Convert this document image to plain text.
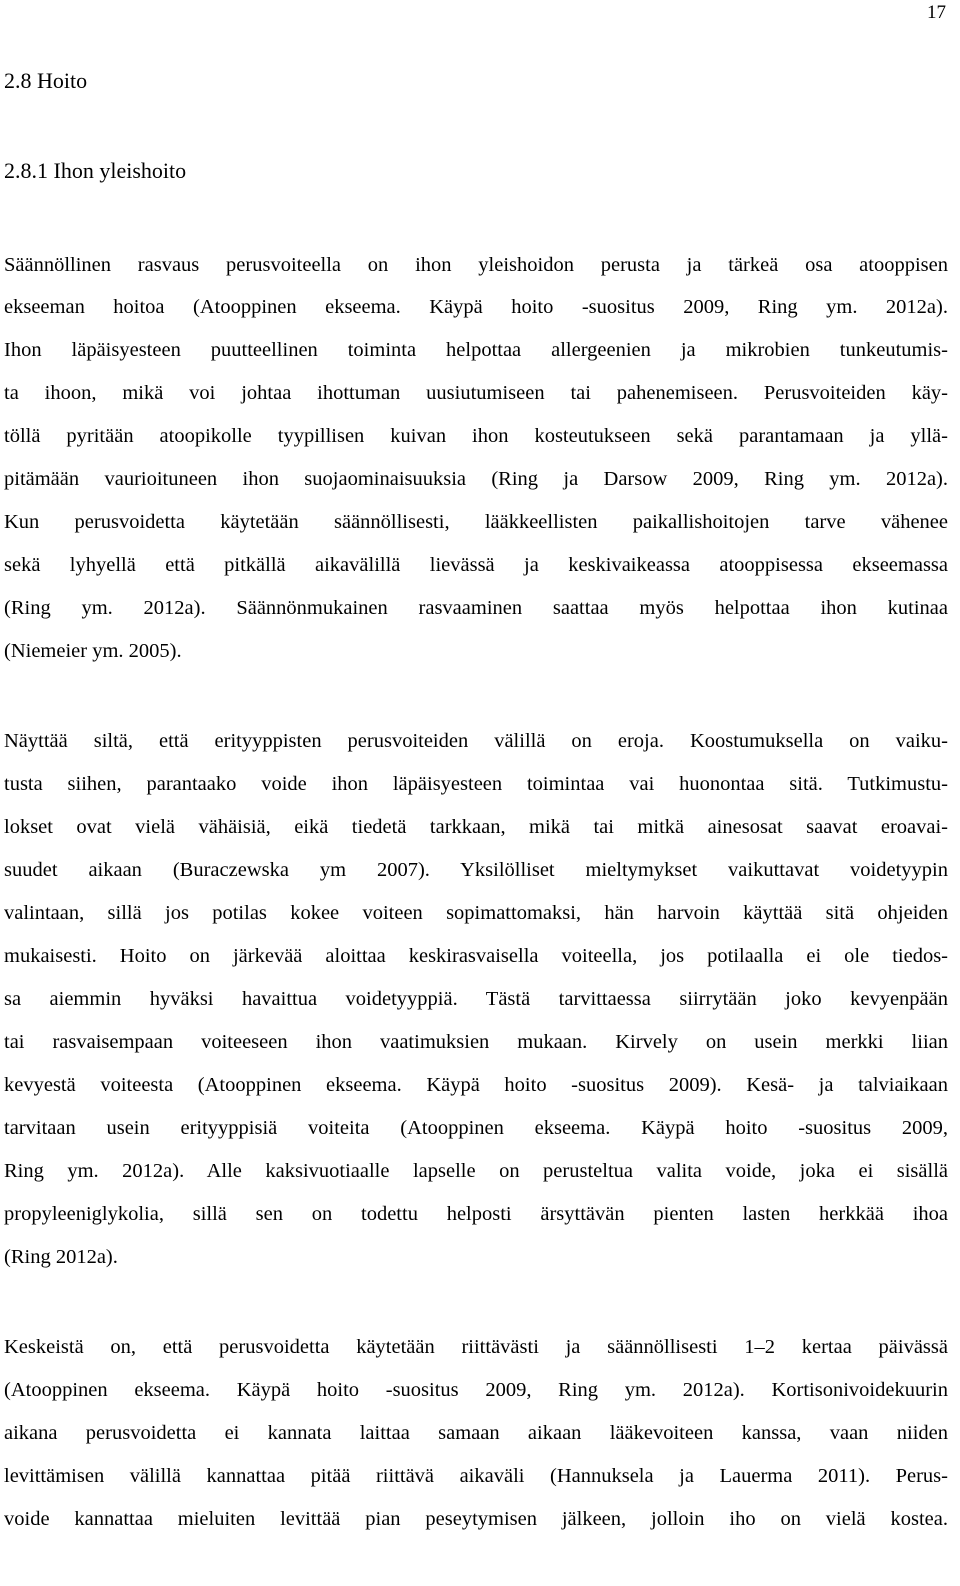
17
2.8 Hoito
2.8.1 Ihon yleishoito
Säännöllinen rasvaus perusvoiteella on ihon yleishoidon perusta ja tärkeä osa atooppisen
ekseeman hoitoa (Atooppinen ekseema. Käypä hoito -suositus 2009, Ring ym. 2012a).
Ihon läpäisyesteen puutteellinen toiminta helpottaa allergeenien ja mikrobien tunkeutumis-
ta ihoon, mikä voi johtaa ihottuman uusiutumiseen tai pahenemiseen. Perusvoiteiden käy-
töllä pyritään atoopikolle tyypillisen kuivan ihon kosteutukseen sekä parantamaan ja yllä-
pitämään vaurioituneen ihon suojaominaisuuksia (Ring ja Darsow 2009, Ring ym. 2012a).
Kun perusvoidetta käytetään säännöllisesti, lääkkeellisten paikallishoitojen tarve vähenee
sekä lyhyellä että pitkällä aikavälillä lievässä ja keskivaikeassa atooppisessa ekseemassa
(Ring ym. 2012a). Säännönmukainen rasvaaminen saattaa myös helpottaa ihon kutinaa
(Niemeier ym. 2005).
Näyttää siltä, että erityyppisten perusvoiteiden välillä on eroja. Koostumuksella on vaiku-
tusta siihen, parantaako voide ihon läpäisyesteen toimintaa vai huonontaa sitä. Tutkimustu-
lokset ovat vielä vähäisiä, eikä tiedetä tarkkaan, mikä tai mitkä ainesosat saavat eroavai-
suudet aikaan (Buraczewska ym 2007). Yksilölliset mieltymykset vaikuttavat voidetyypin
valintaan, sillä jos potilas kokee voiteen sopimattomaksi, hän harvoin käyttää sitä ohjeiden
mukaisesti. Hoito on järkevää aloittaa keskirasvaisella voiteella, jos potilaalla ei ole tiedos-
sa aiemmin hyväksi havaittua voidetyyppiä. Tästä tarvittaessa siirrytään joko kevyenpään
tai rasvaisempaan voiteeseen ihon vaatimuksien mukaan. Kirvely on usein merkki liian
kevyestä voiteesta (Atooppinen ekseema. Käypä hoito -suositus 2009). Kesä- ja talviaikaan
tarvitaan usein erityyppisiä voiteita (Atooppinen ekseema. Käypä hoito -suositus 2009,
Ring ym. 2012a). Alle kaksivuotiaalle lapselle on perusteltua valita voide, joka ei sisällä
propyleeniglykolia, sillä sen on todettu helposti ärsyttävän pienten lasten herkkää ihoa
(Ring 2012a).
Keskeistä on, että perusvoidetta käytetään riittävästi ja säännöllisesti 1–2 kertaa päivässä
(Atooppinen ekseema. Käypä hoito -suositus 2009, Ring ym. 2012a). Kortisonivoidekuurin
aikana perusvoidetta ei kannata laittaa samaan aikaan lääkevoiteen kanssa, vaan niiden
levittämisen välillä kannattaa pitää riittävä aikaväli (Hannuksela ja Lauerma 2011). Perus-
voide kannattaa mieluiten levittää pian peseytymisen jälkeen, jolloin iho on vielä kostea.
